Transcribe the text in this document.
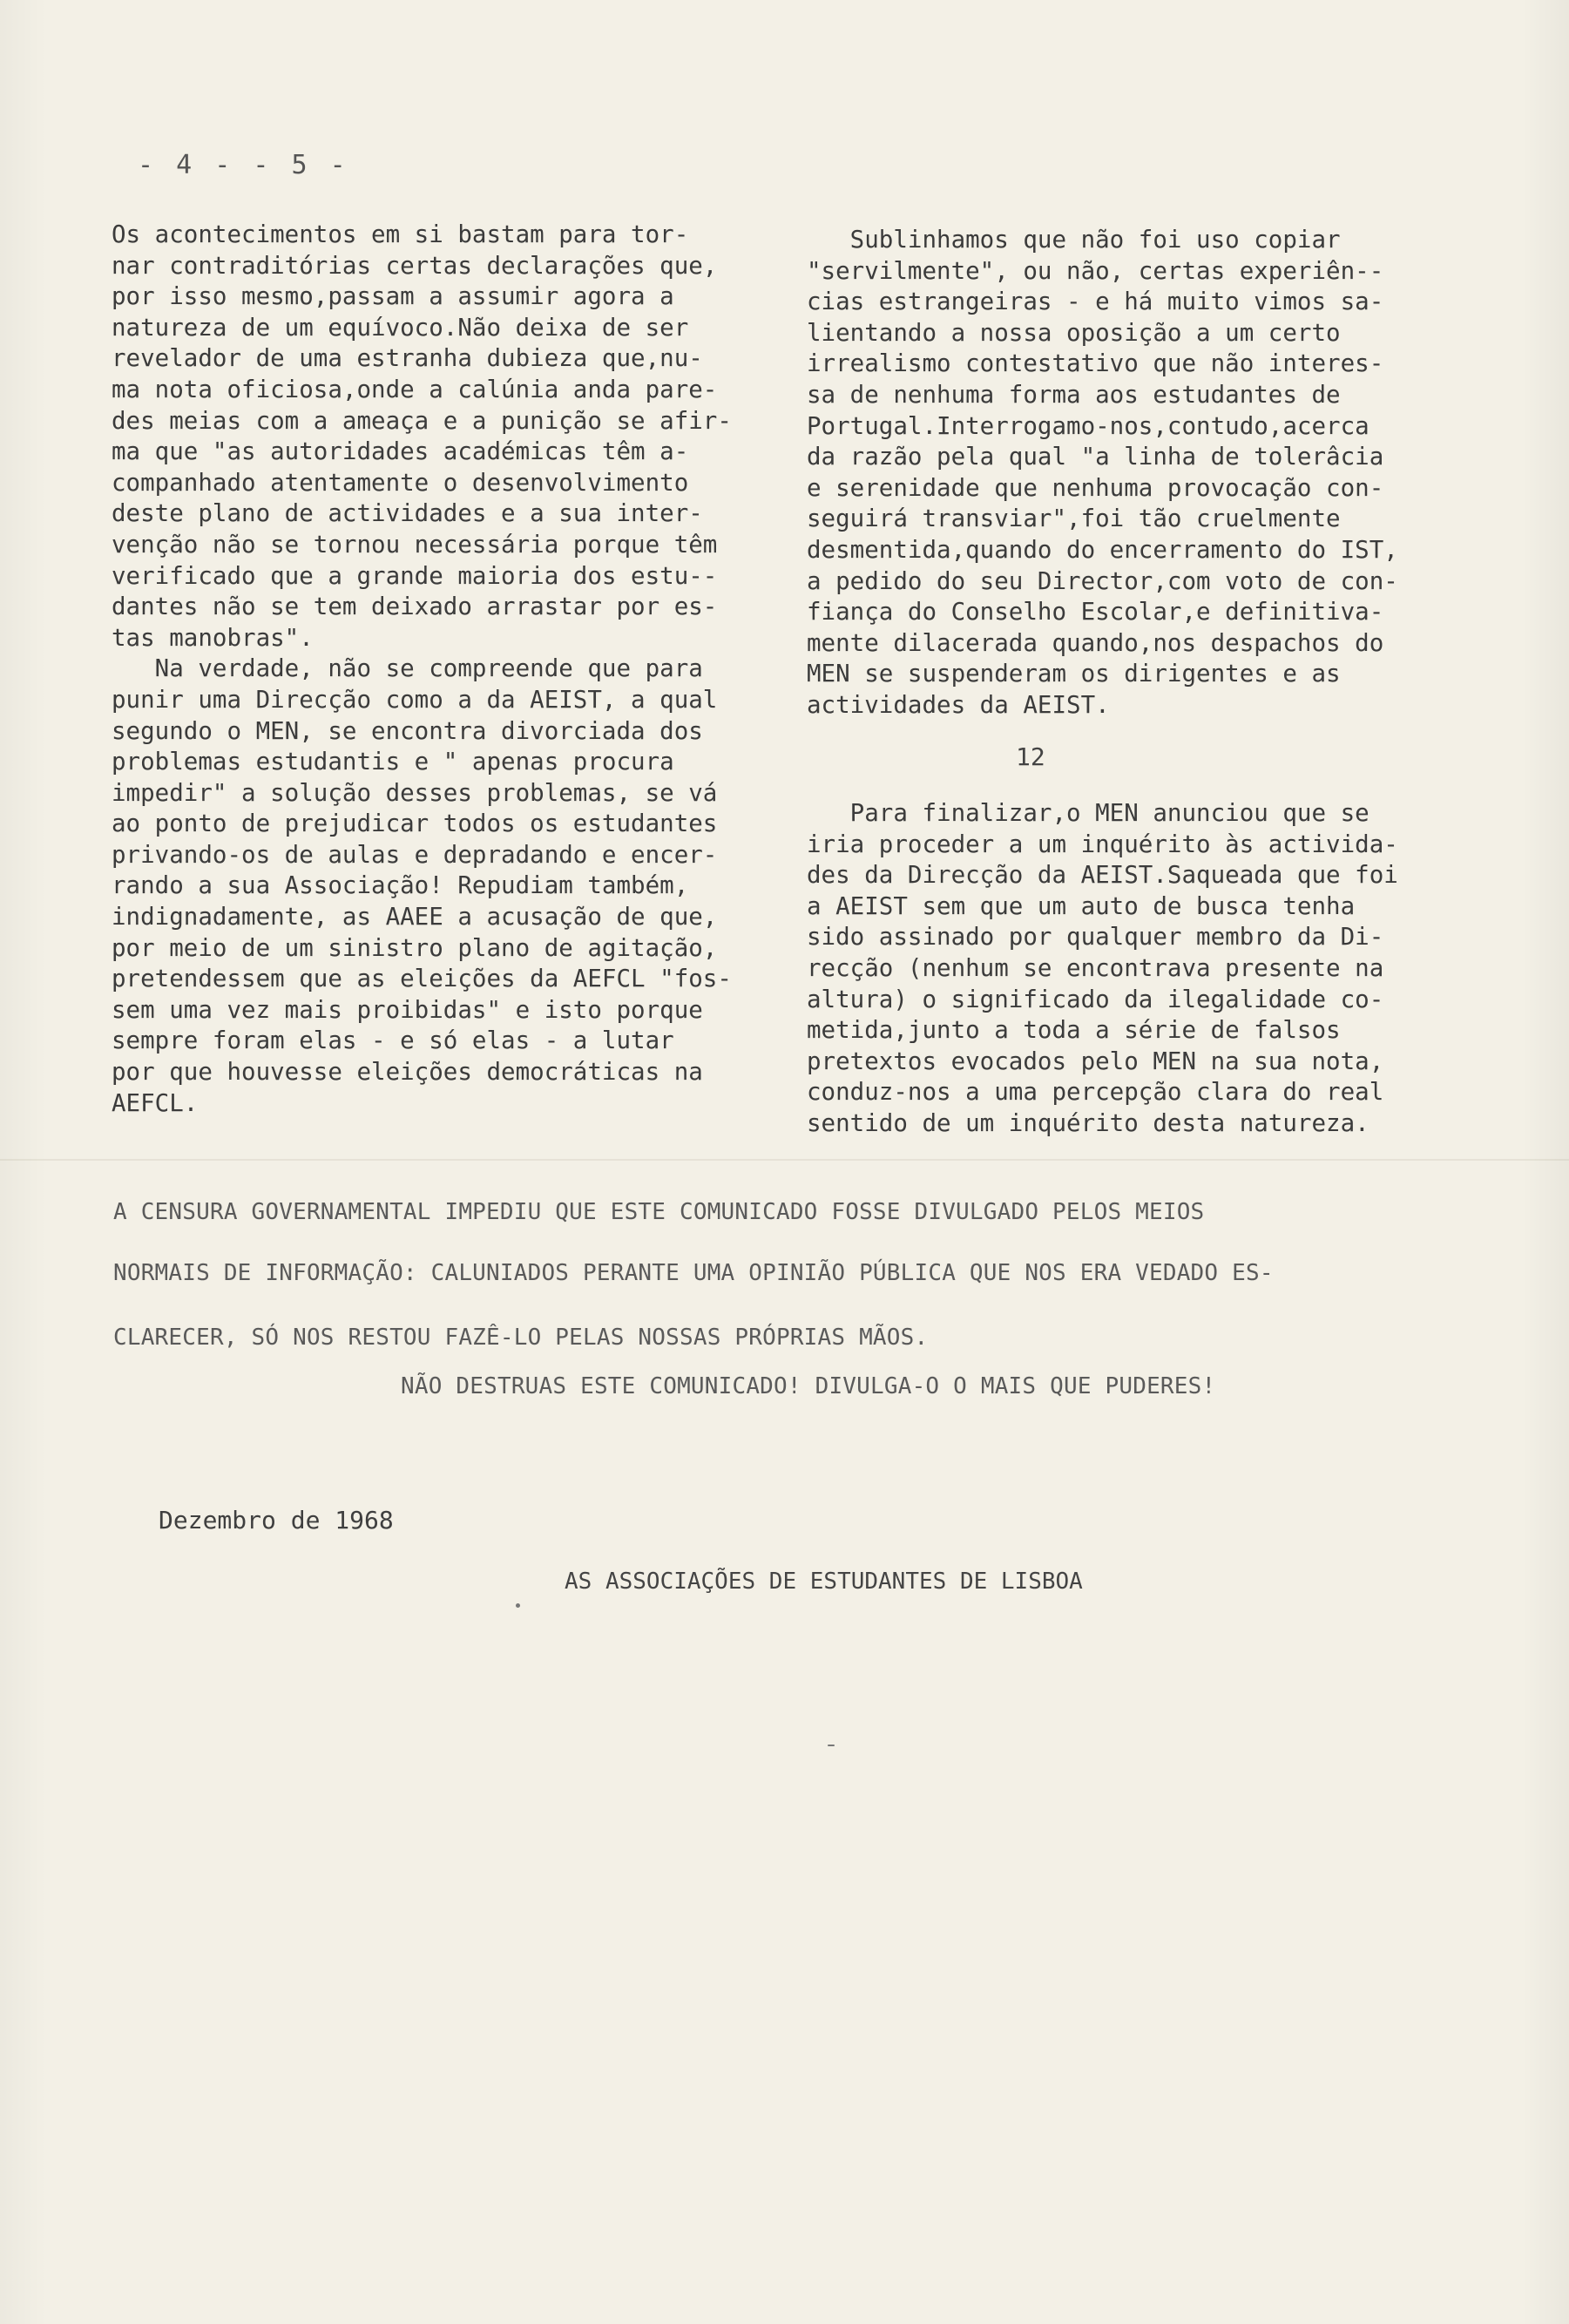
- 4 - - 5 -
Os acontecimentos em si bastam para tor-
nar contraditórias certas declarações que,
por isso mesmo,passam a assumir agora a
natureza de um equívoco.Não deixa de ser
revelador de uma estranha dubieza que,nu-
ma nota oficiosa,onde a calúnia anda pare-
des meias com a ameaça e a punição se afir-
ma que "as autoridades académicas têm a-
companhado atentamente o desenvolvimento
deste plano de actividades e a sua inter-
venção não se tornou necessária porque têm
verificado que a grande maioria dos estu--
dantes não se tem deixado arrastar por es-
tas manobras".
Na verdade, não se compreende que para
punir uma Direcção como a da AEIST, a qual
segundo o MEN, se encontra divorciada dos
problemas estudantis e " apenas procura
impedir" a solução desses problemas, se vá
ao ponto de prejudicar todos os estudantes
privando-os de aulas e depradando e encer-
rando a sua Associação! Repudiam também,
indignadamente, as AAEE a acusação de que,
por meio de um sinistro plano de agitação,
pretendessem que as eleições da AEFCL "fos-
sem uma vez mais proibidas" e isto porque
sempre foram elas - e só elas - a lutar
por que houvesse eleições democráticas na
AEFCL.
Sublinhamos que não foi uso copiar
"servilmente", ou não, certas experiên--
cias estrangeiras - e há muito vimos sa-
lientando a nossa oposição a um certo
irrealismo contestativo que não interes-
sa de nenhuma forma aos estudantes de
Portugal.Interrogamo-nos,contudo,acerca
da razão pela qual "a linha de tolerâcia
e serenidade que nenhuma provocação con-
seguirá transviar",foi tão cruelmente
desmentida,quando do encerramento do IST,
a pedido do seu Director,com voto de con-
fiança do Conselho Escolar,e definitiva-
mente dilacerada quando,nos despachos do
MEN se suspenderam os dirigentes e as
actividades da AEIST.
12
Para finalizar,o MEN anunciou que se
iria proceder a um inquérito às activida-
des da Direcção da AEIST.Saqueada que foi
a AEIST sem que um auto de busca tenha
sido assinado por qualquer membro da Di-
recção (nenhum se encontrava presente na
altura) o significado da ilegalidade co-
metida,junto a toda a série de falsos
pretextos evocados pelo MEN na sua nota,
conduz-nos a uma percepção clara do real
sentido de um inquérito desta natureza.
A CENSURA GOVERNAMENTAL IMPEDIU QUE ESTE COMUNICADO FOSSE DIVULGADO PELOS MEIOS
NORMAIS DE INFORMAÇÃO: CALUNIADOS PERANTE UMA OPINIÃO PÚBLICA QUE NOS ERA VEDADO ES-
CLARECER, SÓ NOS RESTOU FAZÊ-LO PELAS NOSSAS PRÓPRIAS MÃOS.
NÃO DESTRUAS ESTE COMUNICADO! DIVULGA-O O MAIS QUE PUDERES!
Dezembro de 1968
AS ASSOCIAÇÕES DE ESTUDANTES DE LISBOA
